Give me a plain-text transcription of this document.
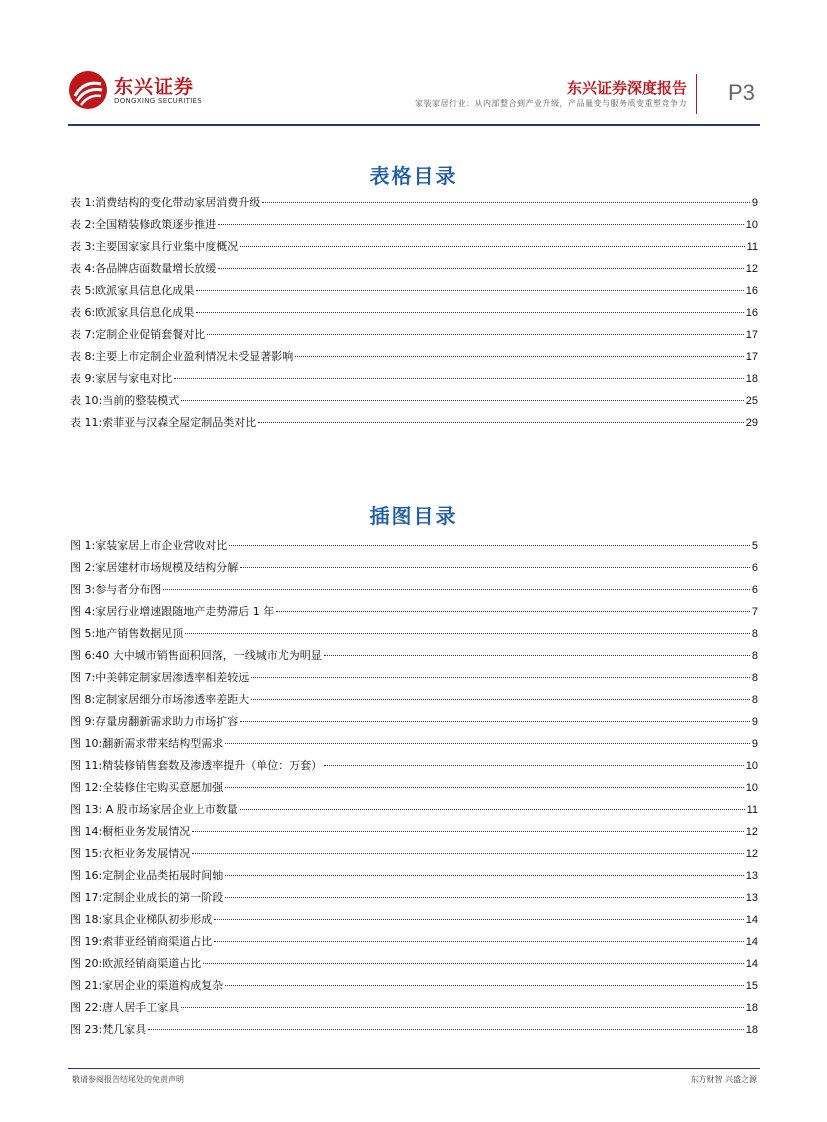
东兴证券
DONGXING SECURITIES
东兴证券深度报告
家装家居行业：从内部整合到产业升级，产品量变与服务质变重塑竞争力 P3
表格目录
表 1:消费结构的变化带动家居消费升级	9
表 2:全国精装修政策逐步推进	10
表 3:主要国家家具行业集中度概况	11
表 4:各品牌店面数量增长放缓	12
表 5:欧派家具信息化成果	16
表 6:欧派家具信息化成果	16
表 7:定制企业促销套餐对比	17
表 8:主要上市定制企业盈利情况未受显著影响	17
表 9:家居与家电对比	18
表 10:当前的整装模式	25
表 11:索菲亚与汉森全屋定制品类对比	29
插图目录
图 1:家装家居上市企业营收对比	5
图 2:家居建材市场规模及结构分解	6
图 3:参与者分布图	6
图 4:家居行业增速跟随地产走势滞后 1 年	7
图 5:地产销售数据见顶	8
图 6:40 大中城市销售面积回落，一线城市尤为明显	8
图 7:中美韩定制家居渗透率相差较远	8
图 8:定制家居细分市场渗透率差距大	8
图 9:存量房翻新需求助力市场扩容	9
图 10:翻新需求带来结构型需求	9
图 11:精装修销售套数及渗透率提升（单位：万套）	10
图 12:全装修住宅购买意愿加强	10
图 13: A 股市场家居企业上市数量	11
图 14:橱柜业务发展情况	12
图 15:衣柜业务发展情况	12
图 16:定制企业品类拓展时间轴	13
图 17:定制企业成长的第一阶段	13
图 18:家具企业梯队初步形成	14
图 19:索菲亚经销商渠道占比	14
图 20:欧派经销商渠道占比	14
图 21:家居企业的渠道构成复杂	15
图 22:唐人居手工家具	18
图 23:梵几家具	18
敬请参阅报告结尾处的免责声明	东方财智 兴盛之源
